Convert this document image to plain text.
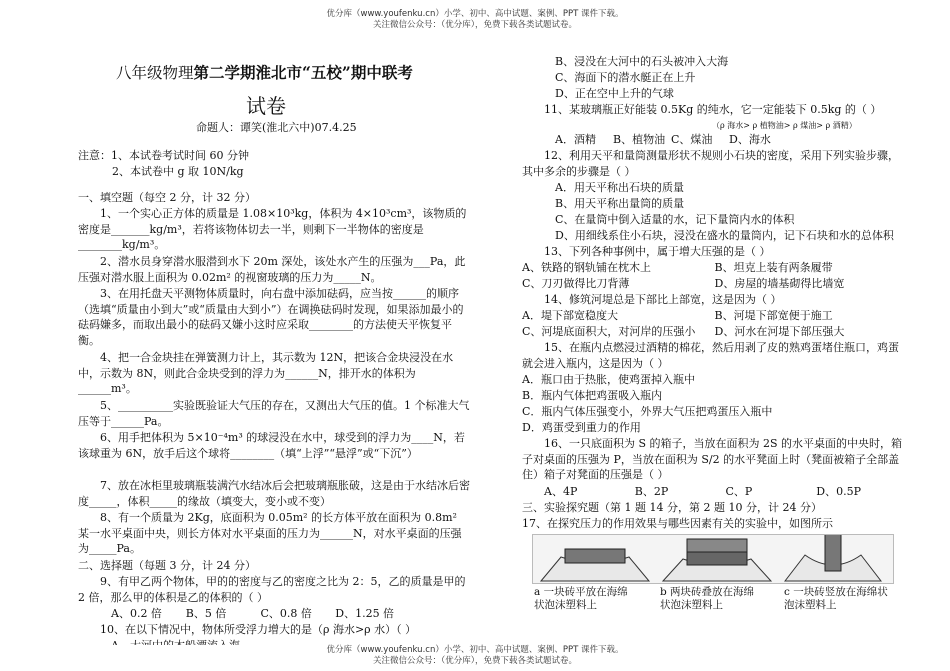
优分库（www.youfenku.cn）小学、初中、高中试题、案例、PPT 课件下载。
关注微信公众号：（优分库），免费下载各类试题试卷。
八年级物理第二学期淮北市“五校”期中联考
试卷
命题人：谭笑(淮北六中)07.4.25
注意：1、本试卷考试时间 60 分钟
2、本试卷中 g 取 10N/kg
一、填空题（每空 2 分，计 32 分）
1、一个实心正方体的质量是 1.08×10³kg，体积为 4×10³cm³，该物质的密度是_______kg/m³，若将该物体切去一半，则剩下一半物体的密度是________kg/m³。
2、潜水员身穿潜水服潜到水下 20m 深处，该处水产生的压强为___Pa，此压强对潜水服上面积为 0.02m² 的视窗玻璃的压力为_____N。
3、在用托盘天平测物体质量时，向右盘中添加砝码，应当按______的顺序（选填“质量由小到大”或“质量由大到小”）在调换砝码时发现，如果添加最小的砝码嫌多，而取出最小的砝码又嫌小这时应采取________的方法使天平恢复平衡。
4、把一合金块挂在弹簧测力计上，其示数为 12N，把该合金块浸没在水中，示数为 8N，则此合金块受到的浮力为______N，排开水的体积为______m³。
5、__________实验既验证大气压的存在，又测出大气压的值。1 个标准大气压等于______Pa。
6、用手把体积为 5×10⁻⁴m³ 的球浸没在水中，球受到的浮力为____N，若该球重为 6N，放手后这个球将________（填“上浮”“悬浮”或“下沉”）
7、放在冰柜里玻璃瓶装满汽水结冰后会把玻璃瓶胀破，这是由于水结冰后密度_____，体积_____的缘故（填变大，变小或不变）
8、有一个质量为 2Kg，底面积为 0.05m² 的长方体平放在面积为 0.8m² 某一水平桌面中央，则长方体对水平桌面的压力为______N，对水平桌面的压强为_____Pa。
二、选择题（每题 3 分，计 24 分）
9、有甲乙两个物体，甲的的密度与乙的密度之比为 2：5，乙的质量是甲的 2 倍，那么甲的体积是乙的体积的（ ）
A、0.2 倍	B、5 倍	C、0.8 倍	D、1.25 倍
10、在以下情况中，物体所受浮力增大的是（ρ 海水>ρ 水）（ ）
B、浸没在大河中的石头被冲入大海
C、海面下的潜水艇正在上升
D、正在空中上升的气球
11、某玻璃瓶正好能装 0.5Kg 的纯水，它一定能装下 0.5kg 的（ ）
（ρ 海水> ρ 植物油> ρ 煤油> ρ 酒精）
A．酒精	B、植物油 C、煤油	D、海水
12、利用天平和量筒测量形状不规则小石块的密度，采用下列实验步骤，其中多余的步骤是（ ）
A．用天平称出石块的质量
B、用天平称出量筒的质量
C、在量筒中倒入适量的水，记下量筒内水的体积
D、用细线系住小石块，浸没在盛水的量筒内，记下石块和水的总体积
13、下列各种事例中，属于增大压强的是（ ）
A、铁路的钢轨铺在枕木上	B、坦克上装有两条履带
C、刀刃做得比刀背薄	D、房屋的墙基砌得比墙宽
14、修筑河堤总是下部比上部宽，这是因为（ ）
A．堤下部宽稳度大	B、河堤下部宽便于施工
C、河堤底面积大，对河岸的压强小	D、河水在河堤下部压强大
15、在瓶内点燃浸过酒精的棉花，然后用剥了皮的熟鸡蛋堵住瓶口，鸡蛋就会进入瓶内，这是因为（ ）
A．瓶口由于热胀，使鸡蛋掉入瓶中
B．瓶内气体把鸡蛋吸入瓶内
C．瓶内气体压强变小，外界大气压把鸡蛋压入瓶中
D．鸡蛋受到重力的作用
16、一只底面积为 S 的箱子，当放在面积为 2S 的水平桌面的中央时，箱子对桌面的压强为 P，当放在面积为 S/2 的水平凳面上时（凳面被箱子全部盖住）箱子对凳面的压强是（ ）
A、4P	B、2P	C、P	D、0.5P
三、实验探究题（第 1 题 14 分，第 2 题 10 分，计 24 分）
17、在探究压力的作用效果与哪些因素有关的实验中，如图所示
a 一块砖平放在海绵状泡沫塑料上
b 两块砖叠放在海绵状泡沫塑料上
c 一块砖竖放在海绵状泡沫塑料上
优分库（www.youfenku.cn）小学、初中、高中试题、案例、PPT 课件下载。
关注微信公众号：（优分库），免费下载各类试题试卷。
